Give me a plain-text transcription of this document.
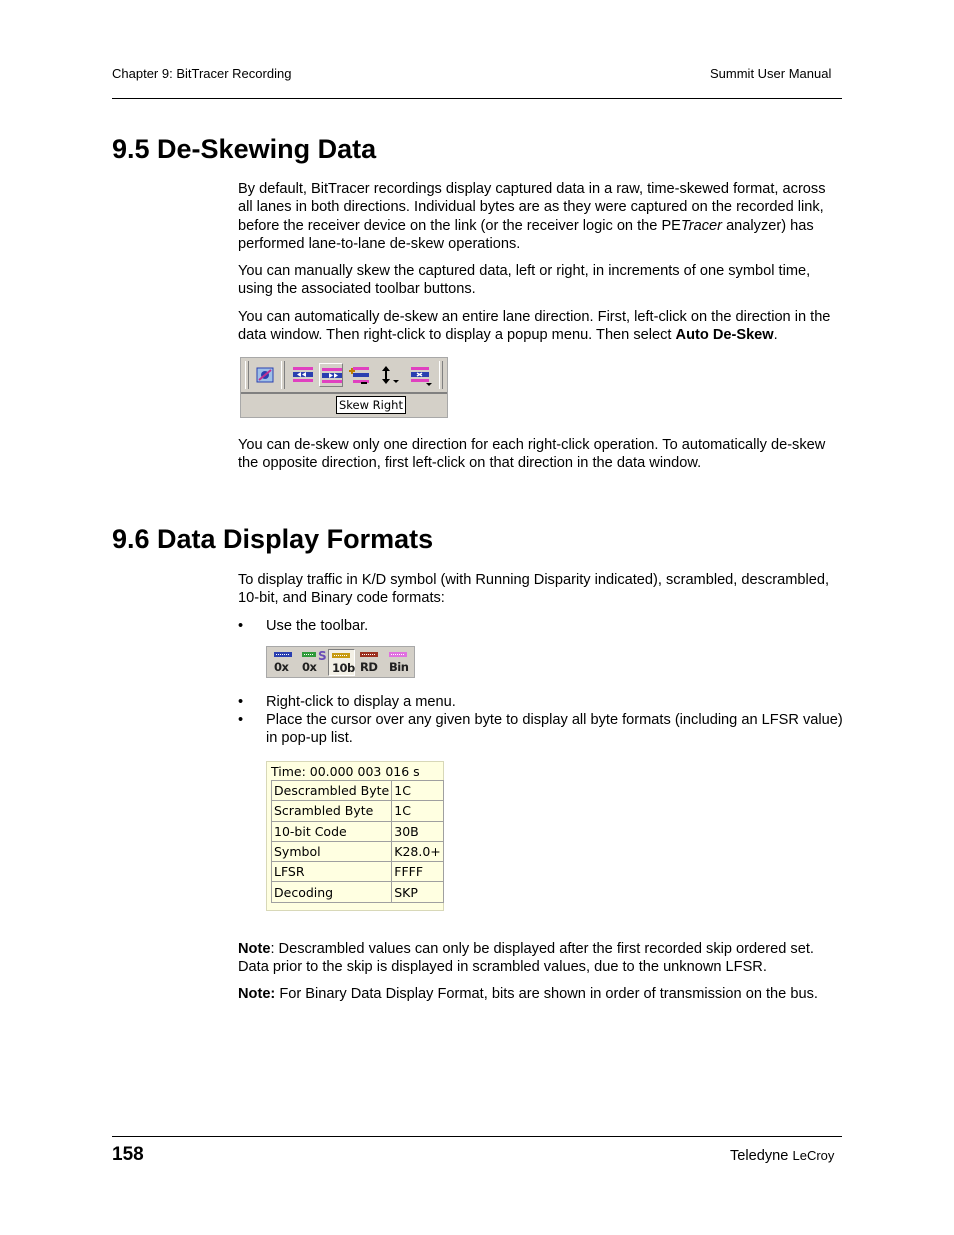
Chapter 9: BitTracer Recording	Summit User Manual
9.5 De-Skewing Data
By default, BitTracer recordings display captured data in a raw, time-skewed format, across all lanes in both directions. Individual bytes are as they were captured on the recorded link, before the receiver device on the link (or the receiver logic on the PETracer analyzer) has performed lane-to-lane de-skew operations.
You can manually skew the captured data, left or right, in increments of one symbol time, using the associated toolbar buttons.
You can automatically de-skew an entire lane direction. First, left-click on the direction in the data window. Then right-click to display a popup menu. Then select Auto De-Skew.
Skew Right
You can de-skew only one direction for each right-click operation. To automatically de-skew the opposite direction, first left-click on that direction in the data window.
9.6 Data Display Formats
To display traffic in K/D symbol (with Running Disparity indicated), scrambled, descrambled, 10-bit, and Binary code formats:
• Use the toolbar.
0x
S
0x 10b RD Bin
• Right-click to display a menu.
• Place the cursor over any given byte to display all byte formats (including an LFSR value) in pop-up list.
Time: 00.000 003 016 s
Descrambled Byte	1C
Scrambled Byte	1C
10-bit Code	30B
Symbol	K28.0+
LFSR	FFFF
Decoding	SKP
Note: Descrambled values can only be displayed after the first recorded skip ordered set. Data prior to the skip is displayed in scrambled values, due to the unknown LFSR.
Note: For Binary Data Display Format, bits are shown in order of transmission on the bus.
158	Teledyne LeCroy
